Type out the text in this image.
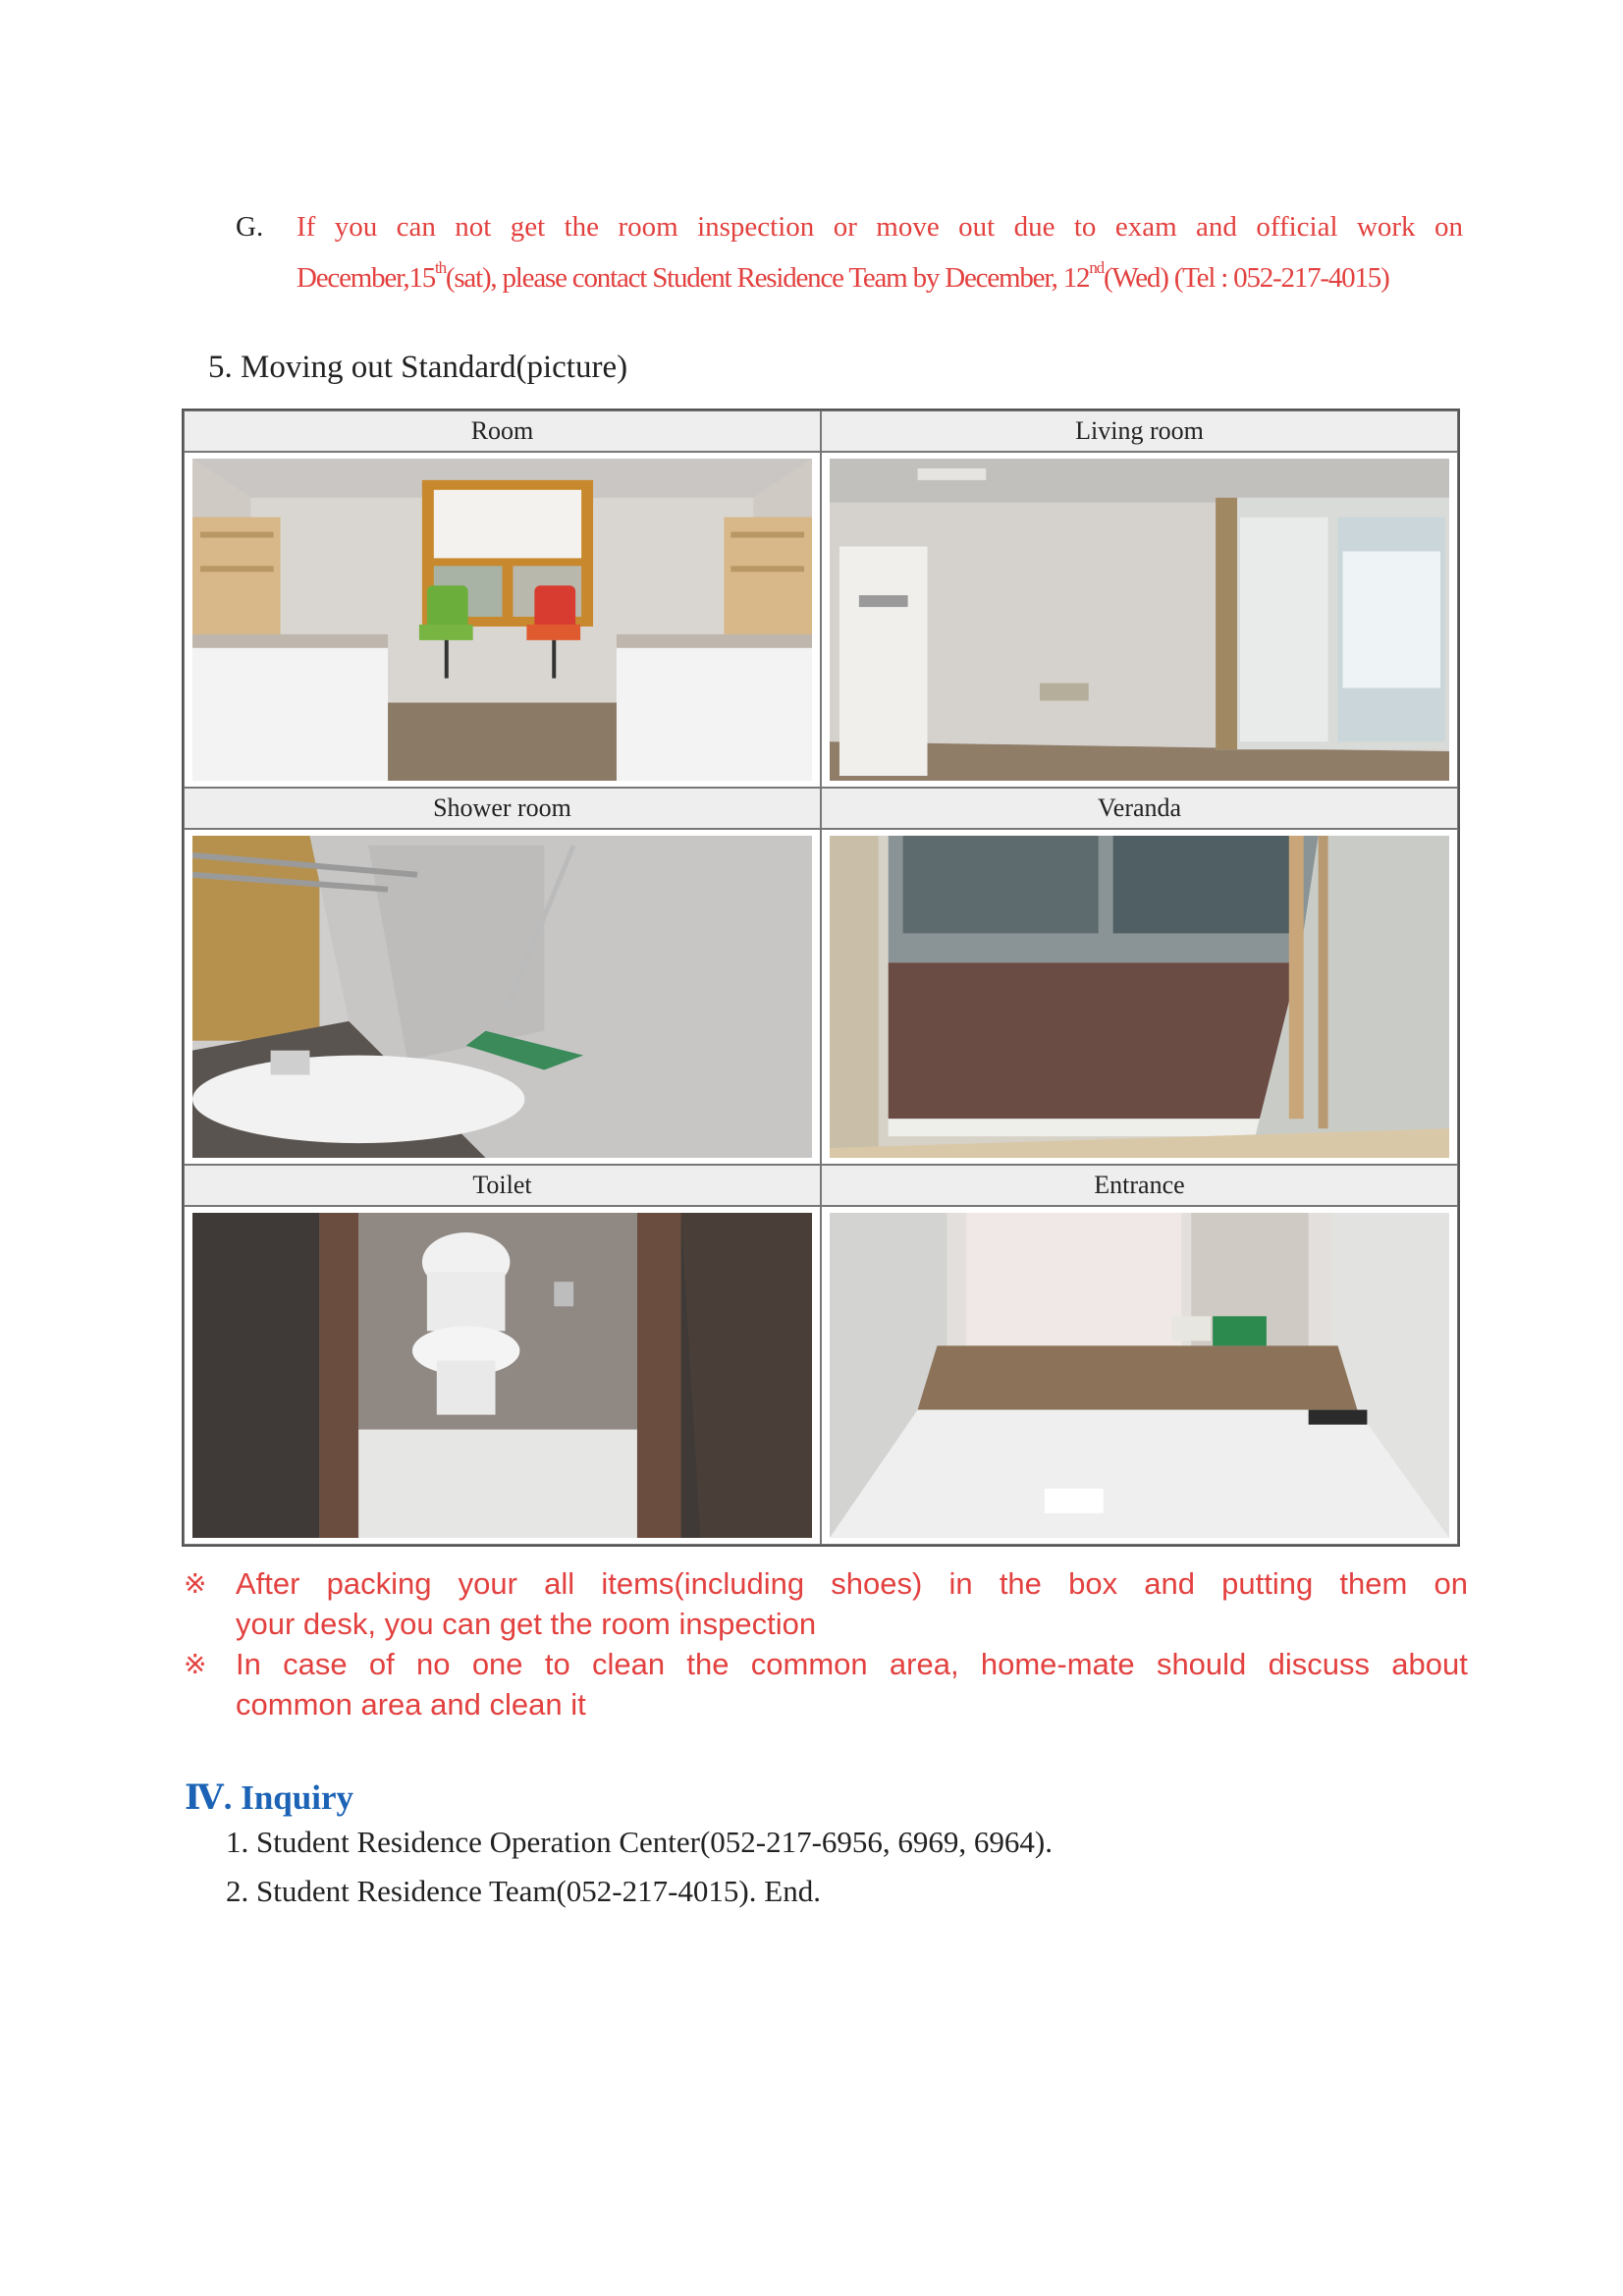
G. If you can not get the room inspection or move out due to exam and official work on
December,15th(sat), please contact Student Residence Team by December, 12nd(Wed) (Tel : 052-217-4015)
5. Moving out Standard(picture)
Room	Living room
Shower room	Veranda
Toilet	Entrance
※ After packing your all items(including shoes) in the box and putting them on
your desk, you can get the room inspection
※ In case of no one to clean the common area, home-mate should discuss about
common area and clean it
Ⅳ. Inquiry
1. Student Residence Operation Center(052-217-6956, 6969, 6964).
2. Student Residence Team(052-217-4015). End.
